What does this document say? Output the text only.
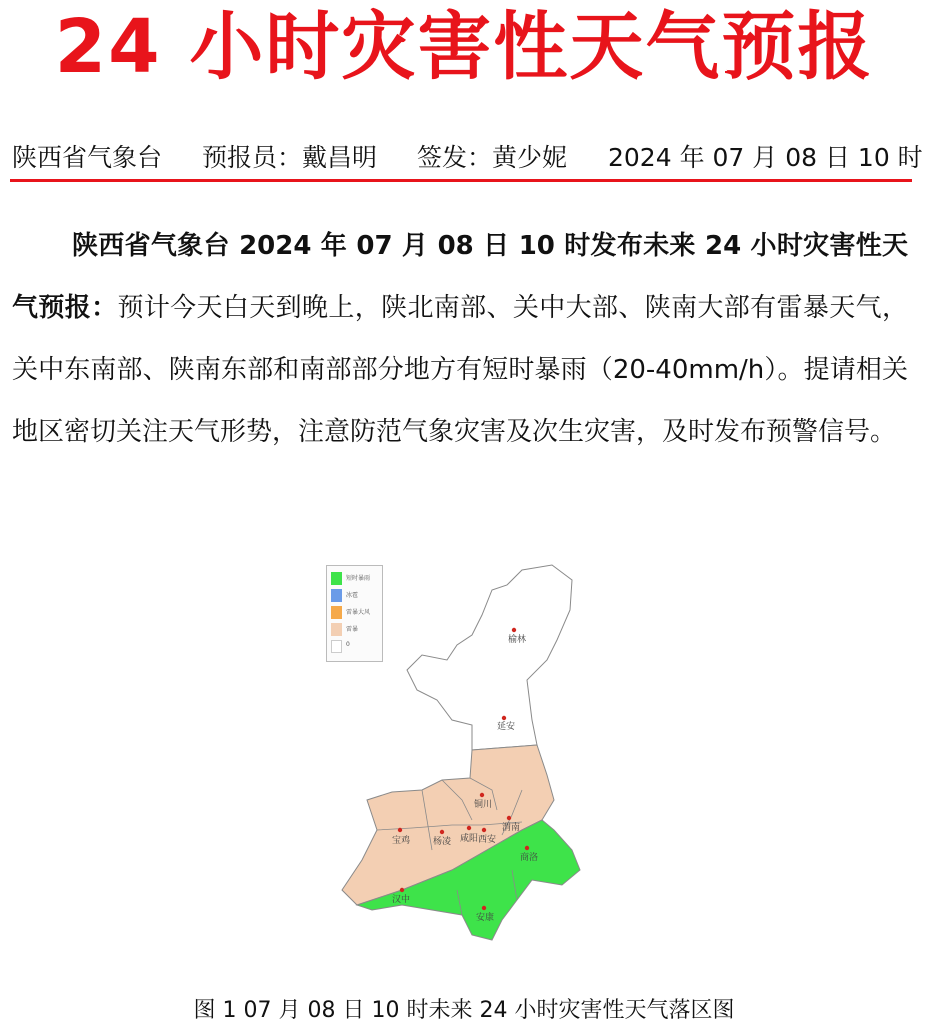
24 小时灾害性天气预报
陕西省气象台 预报员：戴昌明 签发：黄少妮 2024 年 07 月 08 日 10 时

陕西省气象台 2024 年 07 月 08 日 10 时发布未来 24 小时灾害性天气预报：预计今天白天到晚上，陕北南部、关中大部、陕南大部有雷暴天气，关中东南部、陕南东部和南部部分地方有短时暴雨（20-40mm/h）。提请相关地区密切关注天气形势，注意防范气象灾害及次生灾害，及时发布预警信号。

榆林
延安
铜川
宝鸡	杨凌 咸阳 西安
渭南
商洛
汉中
安康
短时暴雨
冰雹
雷暴大风
雷暴
0
图 1 07 月 08 日 10 时未来 24 小时灾害性天气落区图
